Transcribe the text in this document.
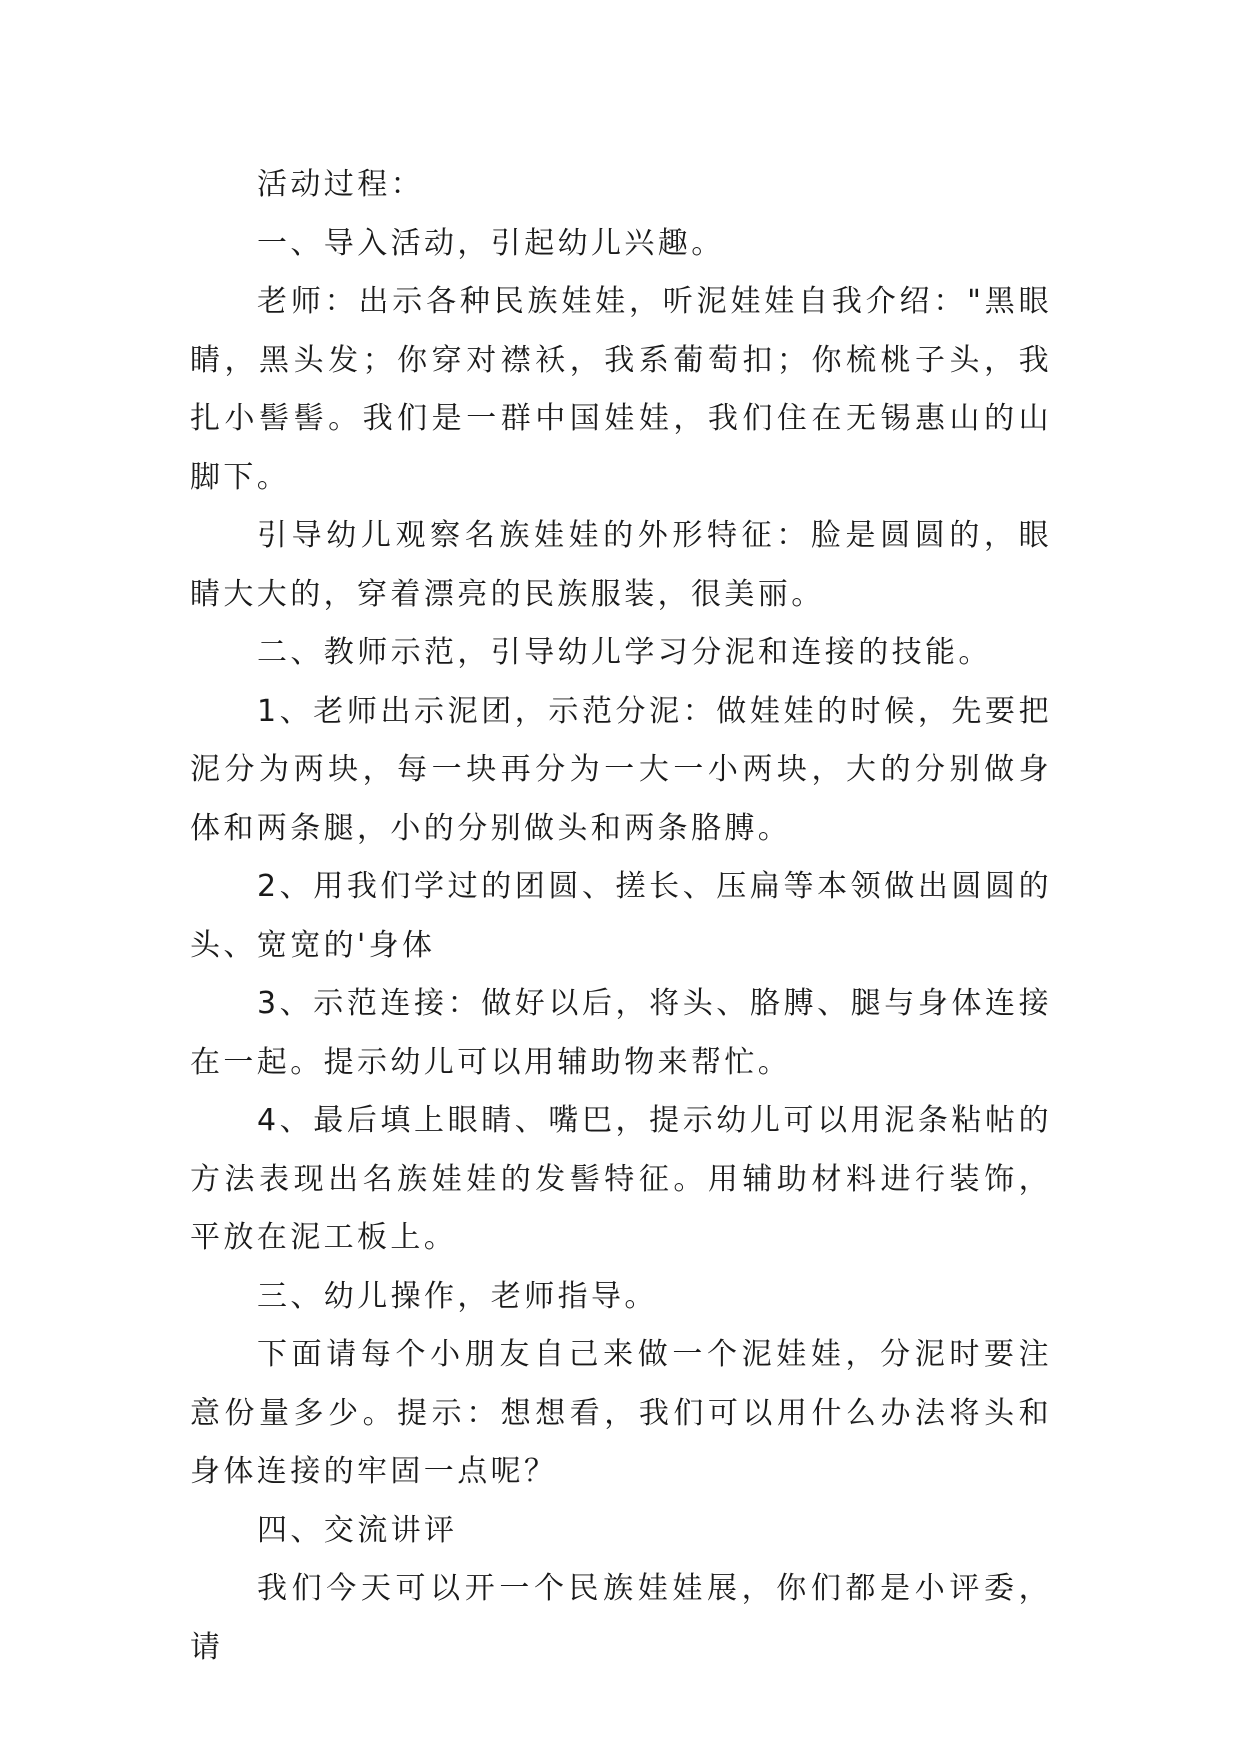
活动过程：

一、导入活动，引起幼儿兴趣。

老师：出示各种民族娃娃，听泥娃娃自我介绍："黑眼睛，黑头发；你穿对襟袄，我系葡萄扣；你梳桃子头，我扎小髻髻。我们是一群中国娃娃，我们住在无锡惠山的山脚下。

引导幼儿观察名族娃娃的外形特征：脸是圆圆的，眼睛大大的，穿着漂亮的民族服装，很美丽。

二、教师示范，引导幼儿学习分泥和连接的技能。

1、老师出示泥团，示范分泥：做娃娃的时候，先要把泥分为两块，每一块再分为一大一小两块，大的分别做身体和两条腿，小的分别做头和两条胳膊。

2、用我们学过的团圆、搓长、压扁等本领做出圆圆的头、宽宽的'身体

3、示范连接：做好以后，将头、胳膊、腿与身体连接在一起。提示幼儿可以用辅助物来帮忙。

4、最后填上眼睛、嘴巴，提示幼儿可以用泥条粘帖的方法表现出名族娃娃的发髻特征。用辅助材料进行装饰，平放在泥工板上。

三、幼儿操作，老师指导。

下面请每个小朋友自己来做一个泥娃娃，分泥时要注意份量多少。提示：想想看，我们可以用什么办法将头和身体连接的牢固一点呢？

四、交流讲评

我们今天可以开一个民族娃娃展，你们都是小评委，请
